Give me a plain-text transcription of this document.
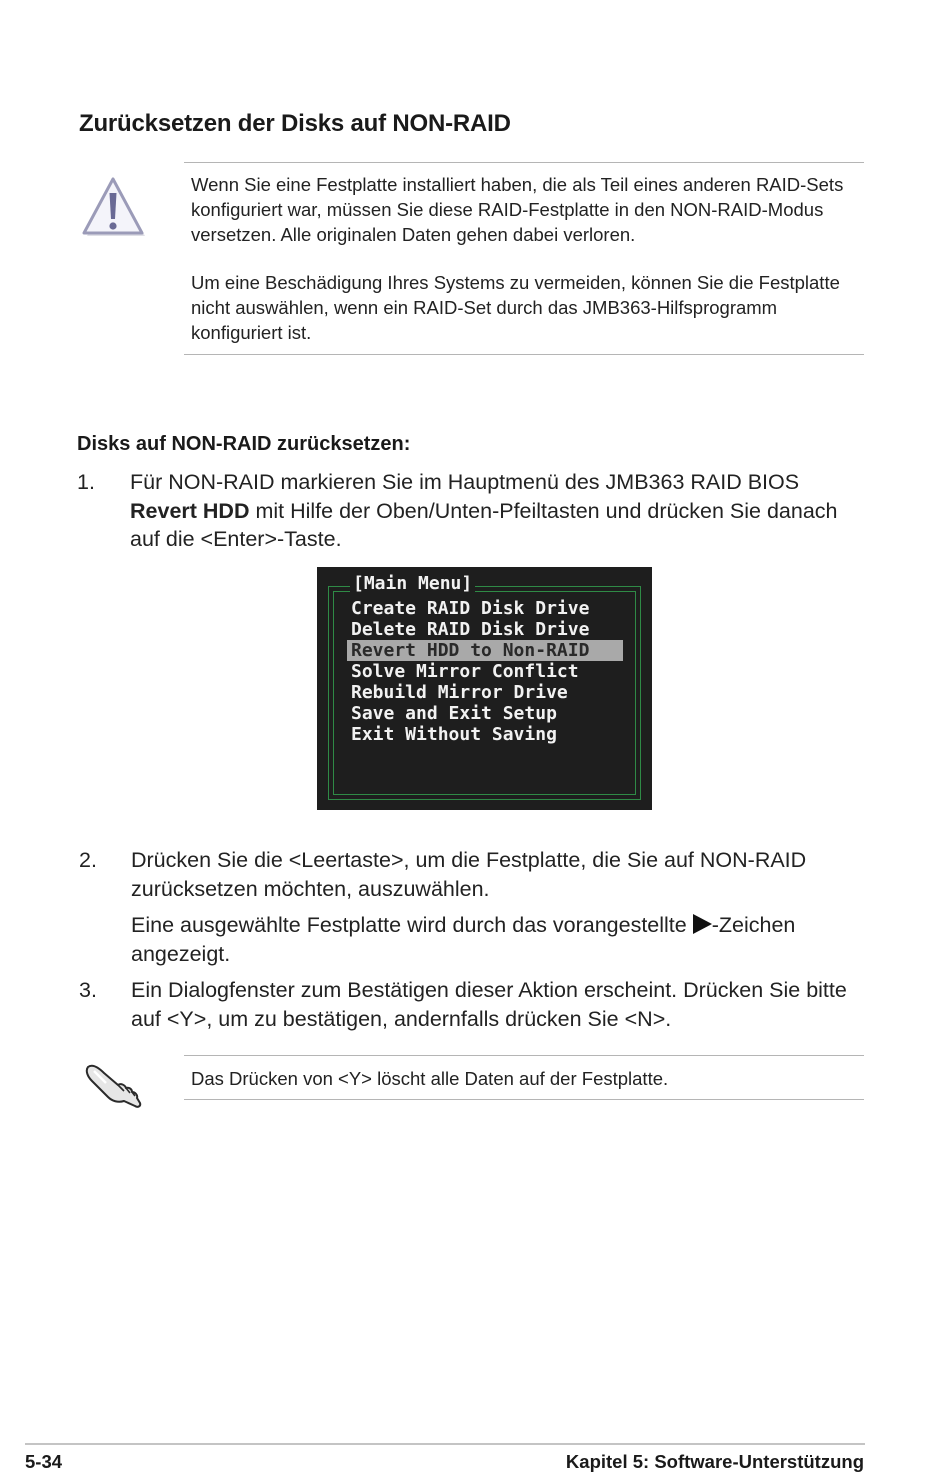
Zurücksetzen der Disks auf NON-RAID
Wenn Sie eine Festplatte installiert haben, die als Teil eines anderen RAID-Sets
konfiguriert war, müssen Sie diese RAID-Festplatte in den NON-RAID-Modus
versetzen. Alle originalen Daten gehen dabei verloren.
Um eine Beschädigung Ihres Systems zu vermeiden, können Sie die Festplatte
nicht auswählen, wenn ein RAID-Set durch das JMB363-Hilfsprogramm
konfiguriert ist.
Disks auf NON-RAID zurücksetzen:
1. Für NON-RAID markieren Sie im Hauptmenü des JMB363 RAID BIOS
Revert HDD mit Hilfe der Oben/Unten-Pfeiltasten und drücken Sie danach
auf die <Enter>-Taste.
[Main Menu]
Create RAID Disk Drive
Delete RAID Disk Drive
Revert HDD to Non-RAID
Solve Mirror Conflict
Rebuild Mirror Drive
Save and Exit Setup
Exit Without Saving
2. Drücken Sie die <Leertaste>, um die Festplatte, die Sie auf NON-RAID
zurücksetzen möchten, auszuwählen.
Eine ausgewählte Festplatte wird durch das vorangestellte -Zeichen
angezeigt.
3. Ein Dialogfenster zum Bestätigen dieser Aktion erscheint. Drücken Sie bitte
auf <Y>, um zu bestätigen, andernfalls drücken Sie <N>.
Das Drücken von <Y> löscht alle Daten auf der Festplatte.
5-34	Kapitel 5: Software-Unterstützung
